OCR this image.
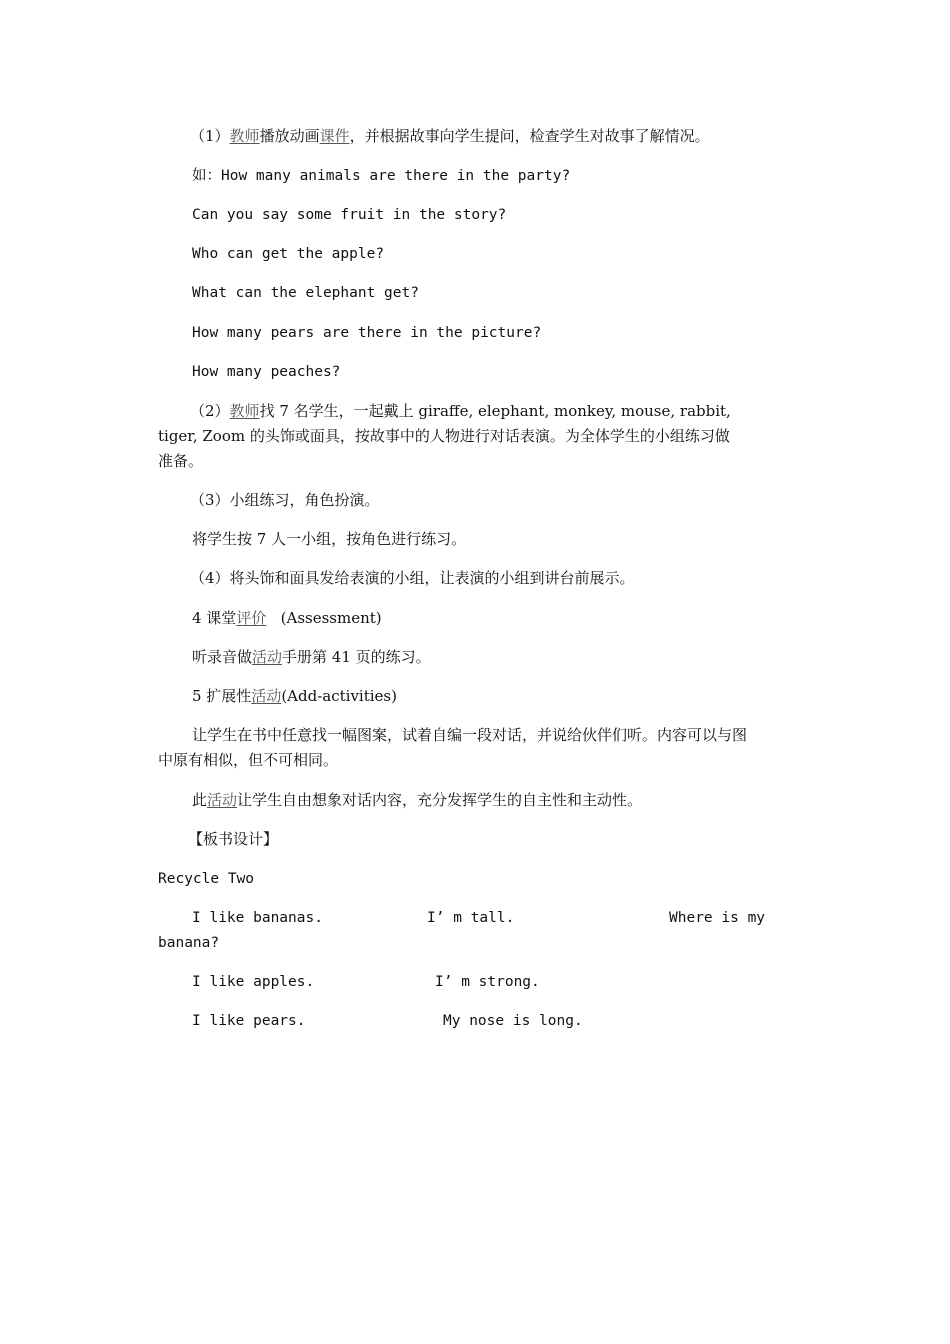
（1）教师播放动画课件，并根据故事向学生提问，检查学生对故事了解情况。
如：How many animals are there in the party?
Can you say some fruit in the story?
Who can get the apple?
What can the elephant get?
How many pears are there in the picture?
How many peaches?
（2）教师找 7 名学生，一起戴上 giraffe, elephant, monkey, mouse, rabbit,
tiger, Zoom 的头饰或面具，按故事中的人物进行对话表演。为全体学生的小组练习做
准备。
（3）小组练习，角色扮演。
将学生按 7 人一小组，按角色进行练习。
（4）将头饰和面具发给表演的小组，让表演的小组到讲台前展示。
4 课堂评价   (Assessment)
听录音做活动手册第 41 页的练习。
5 扩展性活动(Add-activities)
让学生在书中任意找一幅图案，试着自编一段对话，并说给伙伴们听。内容可以与图
中原有相似，但不可相同。
此活动让学生自由想象对话内容，充分发挥学生的自主性和主动性。
【板书设计】
Recycle Two
I like bananas.	I’ m tall.	Where is my
banana?
I like apples.	I’ m strong.
I like pears.	My nose is long.
